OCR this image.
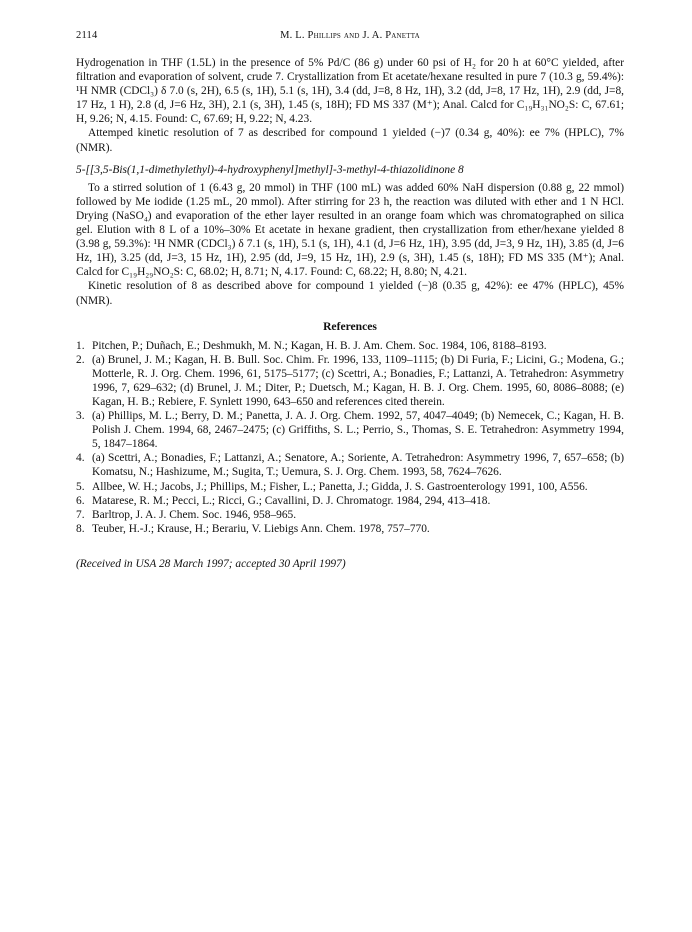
2114	M. L. Phillips and J. A. Panetta

Hydrogenation in THF (1.5L) in the presence of 5% Pd/C (86 g) under 60 psi of H₂ for 20 h at 60°C yielded, after filtration and evaporation of solvent, crude 7. Crystallization from Et acetate/hexane resulted in pure 7 (10.3 g, 59.4%): ¹H NMR (CDCl₃) δ 7.0 (s, 2H), 6.5 (s, 1H), 5.1 (s, 1H), 3.4 (dd, J=8, 8 Hz, 1H), 3.2 (dd, J=8, 17 Hz, 1H), 2.9 (dd, J=8, 17 Hz, 1 H), 2.8 (d, J=6 Hz, 3H), 2.1 (s, 3H), 1.45 (s, 18H); FD MS 337 (M⁺); Anal. Calcd for C₁₉H₃₁NO₂S: C, 67.61; H, 9.26; N, 4.15. Found: C, 67.69; H, 9.22; N, 4.23.

Attemped kinetic resolution of 7 as described for compound 1 yielded (−)7 (0.34 g, 40%): ee 7% (HPLC), 7% (NMR).

5-[[3,5-Bis(1,1-dimethylethyl)-4-hydroxyphenyl]methyl]-3-methyl-4-thiazolidinone 8

To a stirred solution of 1 (6.43 g, 20 mmol) in THF (100 mL) was added 60% NaH dispersion (0.88 g, 22 mmol) followed by Me iodide (1.25 mL, 20 mmol). After stirring for 23 h, the reaction was diluted with ether and 1 N HCl. Drying (NaSO₄) and evaporation of the ether layer resulted in an orange foam which was chromatographed on silica gel. Elution with 8 L of a 10%–30% Et acetate in hexane gradient, then crystallization from ether/hexane yielded 8 (3.98 g, 59.3%): ¹H NMR (CDCl₃) δ 7.1 (s, 1H), 5.1 (s, 1H), 4.1 (d, J=6 Hz, 1H), 3.95 (dd, J=3, 9 Hz, 1H), 3.85 (d, J=6 Hz, 1H), 3.25 (dd, J=3, 15 Hz, 1H), 2.95 (dd, J=9, 15 Hz, 1H), 2.9 (s, 3H), 1.45 (s, 18H); FD MS 335 (M⁺); Anal. Calcd for C₁₉H₂₉NO₂S: C, 68.02; H, 8.71; N, 4.17. Found: C, 68.22; H, 8.80; N, 4.21.

Kinetic resolution of 8 as described above for compound 1 yielded (−)8 (0.35 g, 42%): ee 47% (HPLC), 45% (NMR).

References
1. Pitchen, P.; Duñach, E.; Deshmukh, M. N.; Kagan, H. B. J. Am. Chem. Soc. 1984, 106, 8188–8193.
2. (a) Brunel, J. M.; Kagan, H. B. Bull. Soc. Chim. Fr. 1996, 133, 1109–1115; (b) Di Furia, F.; Licini, G.; Modena, G.; Motterle, R. J. Org. Chem. 1996, 61, 5175–5177; (c) Scettri, A.; Bonadies, F.; Lattanzi, A. Tetrahedron: Asymmetry 1996, 7, 629–632; (d) Brunel, J. M.; Diter, P.; Duetsch, M.; Kagan, H. B. J. Org. Chem. 1995, 60, 8086–8088; (e) Kagan, H. B.; Rebiere, F. Synlett 1990, 643–650 and references cited therein.
3. (a) Phillips, M. L.; Berry, D. M.; Panetta, J. A. J. Org. Chem. 1992, 57, 4047–4049; (b) Nemecek, C.; Kagan, H. B. Polish J. Chem. 1994, 68, 2467–2475; (c) Griffiths, S. L.; Perrio, S., Thomas, S. E. Tetrahedron: Asymmetry 1994, 5, 1847–1864.
4. (a) Scettri, A.; Bonadies, F.; Lattanzi, A.; Senatore, A.; Soriente, A. Tetrahedron: Asymmetry 1996, 7, 657–658; (b) Komatsu, N.; Hashizume, M.; Sugita, T.; Uemura, S. J. Org. Chem. 1993, 58, 7624–7626.
5. Allbee, W. H.; Jacobs, J.; Phillips, M.; Fisher, L.; Panetta, J.; Gidda, J. S. Gastroenterology 1991, 100, A556.
6. Matarese, R. M.; Pecci, L.; Ricci, G.; Cavallini, D. J. Chromatogr. 1984, 294, 413–418.
7. Barltrop, J. A. J. Chem. Soc. 1946, 958–965.
8. Teuber, H.-J.; Krause, H.; Berariu, V. Liebigs Ann. Chem. 1978, 757–770.
(Received in USA 28 March 1997; accepted 30 April 1997)
